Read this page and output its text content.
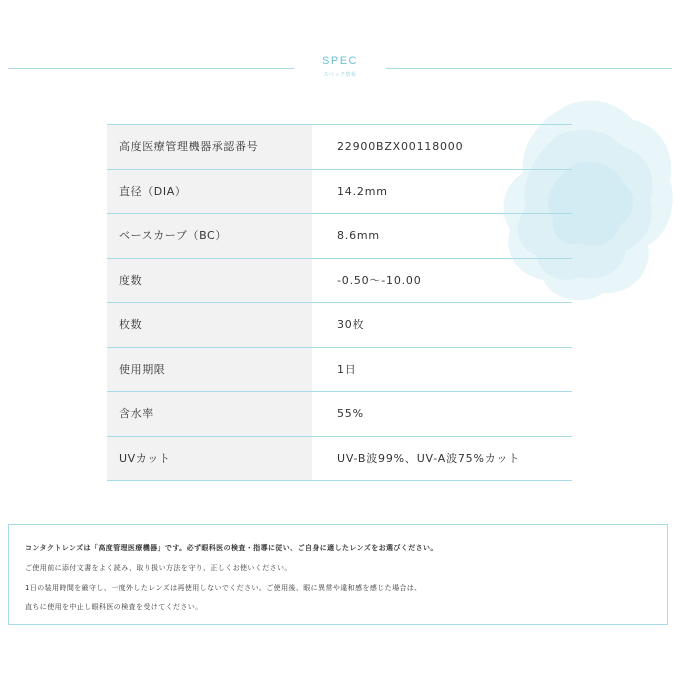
SPEC
スペック情報
高度医療管理機器承認番号	22900BZX00118000
直径（DIA）	14.2mm
ベースカーブ（BC）	8.6mm
度数	-0.50〜-10.00
枚数	30枚
使用期限	1日
含水率	55%
UVカット	UV-B波99%、UV-A波75%カット
コンタクトレンズは「高度管理医療機器」です。必ず眼科医の検査・指導に従い、ご自身に適したレンズをお選びください。
ご使用前に添付文書をよく読み、取り扱い方法を守り、正しくお使いください。
1日の装用時間を厳守し、一度外したレンズは再使用しないでください。ご使用後、眼に異常や違和感を感じた場合は、
直ちに使用を中止し眼科医の検査を受けてください。
